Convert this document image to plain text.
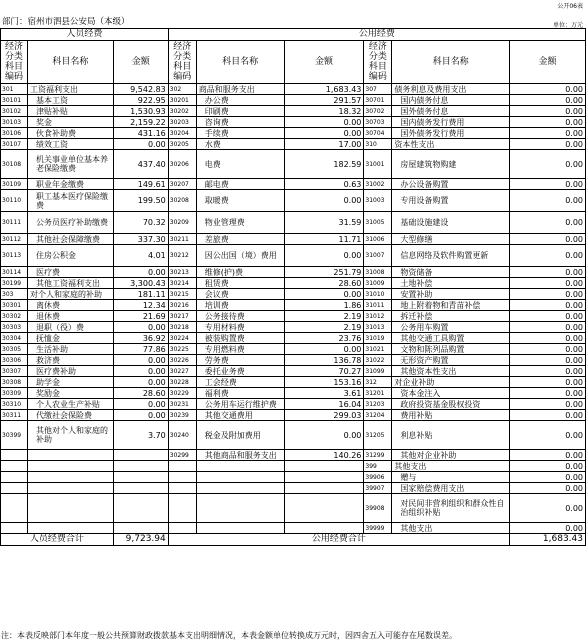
公开06表
部门：宿州市泗县公安局（本级）	单位：万元
人员经费			公用经费					
经济分类科目编码	科目名称	金额	经济分类科目编码	科目名称	金额	经济分类科目编码	科目名称	金额
301	工资福利支出	9,542.83	302	商品和服务支出	1,683.43	307	债务利息及费用支出	0.00
30101	基本工资	922.95	30201	办公费	291.57	30701	国内债务付息	0.00
30102	津贴补贴	1,530.93	30202	印刷费	18.32	30702	国外债务付息	0.00
30103	奖金	2,159.22	30203	咨询费	0.00	30703	国内债务发行费用	0.00
30106	伙食补助费	431.16	30204	手续费	0.00	30704	国外债务发行费用	0.00
30107	绩效工资	0.00	30205	水费	17.00	310	资本性支出	0.00
30108	机关事业单位基本养老保险缴费	437.40	30206	电费	182.59	31001	房屋建筑物购建	0.00
30109	职业年金缴费	149.61	30207	邮电费	0.63	31002	办公设备购置	0.00
30110	职工基本医疗保险缴费	199.50	30208	取暖费	0.00	31003	专用设备购置	0.00
30111	公务员医疗补助缴费	70.32	30209	物业管理费	31.59	31005	基础设施建设	0.00
30112	其他社会保障缴费	337.30	30211	差旅费	11.71	31006	大型修缮	0.00
30113	住房公积金	4.01	30212	因公出国（境）费用	0.00	31007	信息网络及软件购置更新	0.00
30114	医疗费	0.00	30213	维修(护)费	251.79	31008	物资储备	0.00
30199	其他工资福利支出	3,300.43	30214	租赁费	28.60	31009	土地补偿	0.00
303	对个人和家庭的补助	181.11	30215	会议费	0.00	31010	安置补助	0.00
30301	离休费	12.34	30216	培训费	1.86	31011	地上附着物和青苗补偿	0.00
30302	退休费	21.69	30217	公务接待费	2.19	31012	拆迁补偿	0.00
30303	退职（役）费	0.00	30218	专用材料费	2.19	31013	公务用车购置	0.00
30304	抚恤金	36.92	30224	被装购置费	23.76	31019	其他交通工具购置	0.00
30305	生活补助	77.86	30225	专用燃料费	0.00	31021	文物和陈列品购置	0.00
30306	救济费	0.00	30226	劳务费	136.78	31022	无形资产购置	0.00
30307	医疗费补助	0.00	30227	委托业务费	70.27	31099	其他资本性支出	0.00
30308	助学金	0.00	30228	工会经费	153.16	312	对企业补助	0.00
30309	奖励金	28.60	30229	福利费	3.61	31201	资本金注入	0.00
30310	个人农业生产补贴	0.00	30231	公务用车运行维护费	16.04	31203	政府投资基金股权投资	0.00
30311	代缴社会保险费	0.00	30239	其他交通费用	299.03	31204	费用补贴	0.00
30399	其他对个人和家庭的补助	3.70	30240	税金及附加费用	0.00	31205	利息补贴	0.00
			30299	其他商品和服务支出	140.26	31299	其他对企业补助	0.00
						399	其他支出	0.00
						39906	赠与	0.00
						39907	国家赔偿费用支出	0.00
						39908	对民间非营利组织和群众性自治组织补贴	0.00
						39999	其他支出	0.00
人员经费合计		9,723.94	公用经费合计					1,683.43
注：本表反映部门本年度一般公共预算财政拨款基本支出明细情况，本表金额单位转换成万元时，因四舍五入可能存在尾数误差。
